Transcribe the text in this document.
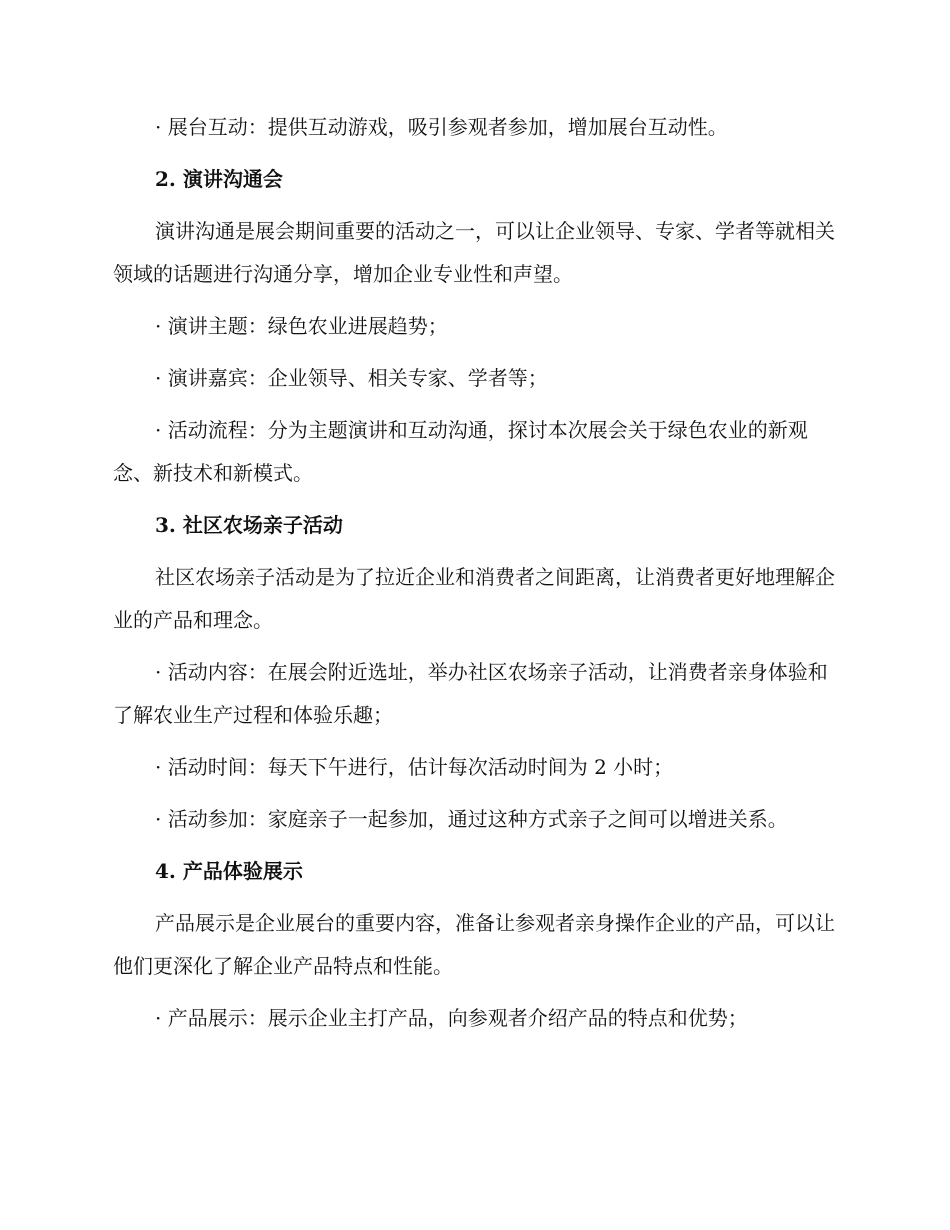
· 展台互动：提供互动游戏，吸引参观者参加，增加展台互动性。

2. 演讲沟通会

演讲沟通是展会期间重要的活动之一，可以让企业领导、专家、学者等就相关领域的话题进行沟通分享，增加企业专业性和声望。

· 演讲主题：绿色农业进展趋势；

· 演讲嘉宾：企业领导、相关专家、学者等；

· 活动流程：分为主题演讲和互动沟通，探讨本次展会关于绿色农业的新观念、新技术和新模式。

3. 社区农场亲子活动

社区农场亲子活动是为了拉近企业和消费者之间距离，让消费者更好地理解企业的产品和理念。

· 活动内容：在展会附近选址，举办社区农场亲子活动，让消费者亲身体验和了解农业生产过程和体验乐趣；

· 活动时间：每天下午进行，估计每次活动时间为 2 小时；

· 活动参加：家庭亲子一起参加，通过这种方式亲子之间可以增进关系。

4. 产品体验展示

产品展示是企业展台的重要内容，准备让参观者亲身操作企业的产品，可以让他们更深化了解企业产品特点和性能。

· 产品展示：展示企业主打产品，向参观者介绍产品的特点和优势；
